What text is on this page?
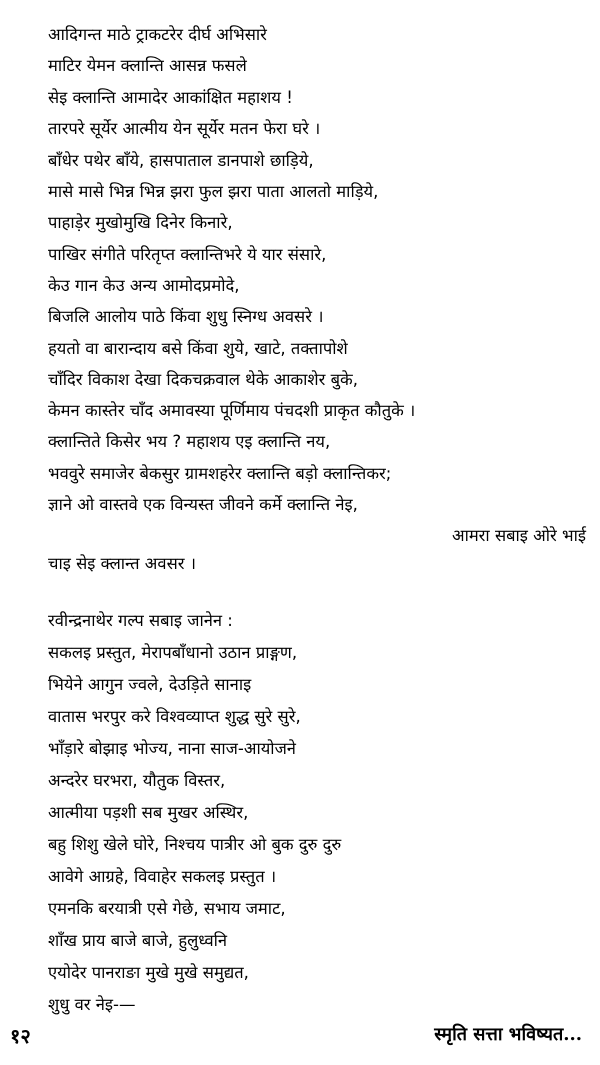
आदिगन्त माठे ट्राकटरेर दीर्घ अभिसारे
माटिर येमन क्लान्ति आसन्न फसले
सेइ क्लान्ति आमादेर आकांक्षित महाशय !
तारपरे सूर्येर आत्मीय येन सूर्येर मतन फेरा घरे ।
बाँधेर पथेर बाँये, हासपाताल डानपाशे छाड़िये,
मासे मासे भिन्न भिन्न झरा फुल झरा पाता आलतो माड़िये,
पाहाड़ेर मुखोमुखि दिनेर किनारे,
पाखिर संगीते परितृप्त क्लान्तिभरे ये यार संसारे,
केउ गान केउ अन्य आमोदप्रमोदे,
बिजलि आलोय पाठे किंवा शुधु स्निग्ध अवसरे ।
हयतो वा बारान्दाय बसे किंवा शुये, खाटे, तक्तापोशे
चाँदिर विकाश देखा दिकचक्रवाल थेके आकाशेर बुके,
केमन कास्तेर चाँद अमावस्या पूर्णिमाय पंचदशी प्राकृत कौतुके ।
क्लान्तिते किसेर भय ? महाशय एइ क्लान्ति नय,
भववुरे समाजेर बेकसुर ग्रामशहरेर क्लान्ति बड़ो क्लान्तिकर;
ज्ञाने ओ वास्तवे एक विन्यस्त जीवने कर्मे क्लान्ति नेइ,
आमरा सबाइ ओरे भाई
चाइ सेइ क्लान्त अवसर ।
रवीन्द्रनाथेर गल्प सबाइ जानेन :
सकलइ प्रस्तुत, मेरापबाँधानो उठान प्राङ्गण,
भियेने आगुन ज्वले, देउड़िते सानाइ
वातास भरपुर करे विश्वव्याप्त शुद्ध सुरे सुरे,
भाँड़ारे बोझाइ भोज्य, नाना साज-आयोजने
अन्दरेर घरभरा, यौतुक विस्तर,
आत्मीया पड़शी सब मुखर अस्थिर,
बहु शिशु खेले घोरे, निश्चय पात्रीर ओ बुक दुरु दुरु
आवेगे आग्रहे, विवाहेर सकलइ प्रस्तुत ।
एमनकि बरयात्री एसे गेछे, सभाय जमाट,
शाँख प्राय बाजे बाजे, हुलुध्वनि
एयोदेर पानराङा मुखे मुखे समुद्यत,
शुधु वर नेइ-—
१२	स्मृति सत्ता भविष्यत...
